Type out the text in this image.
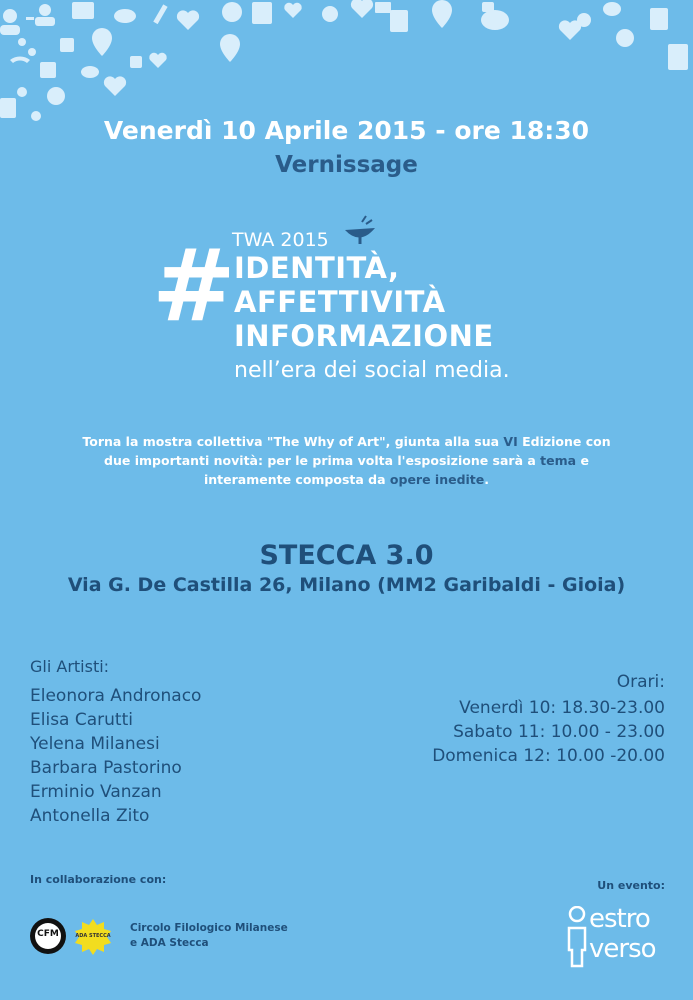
Venerdì 10 Aprile 2015 - ore 18:30
Vernissage
TWA 2015
#
IDENTITÀ,
AFFETTIVITÀ
INFORMAZIONE
nell’era dei social media.
Torna la mostra collettiva "The Why of Art", giunta alla sua VI Edizione con due importanti novità: per le prima volta l'esposizione sarà a tema e interamente composta da opere inedite.
STECCA 3.0
Via G. De Castilla 26, Milano (MM2 Garibaldi - Gioia)
Gli Artisti:
Eleonora Andronaco
Elisa Carutti
Yelena Milanesi
Barbara Pastorino
Erminio Vanzan
Antonella Zito
Orari:
Venerdì 10: 18.30-23.00
Sabato 11: 10.00 - 23.00
Domenica 12: 10.00 -20.00
In collaborazione con:	Un evento:
CFM	ADA STECCA
Circolo Filologico Milanese
e ADA Stecca
estro
verso
